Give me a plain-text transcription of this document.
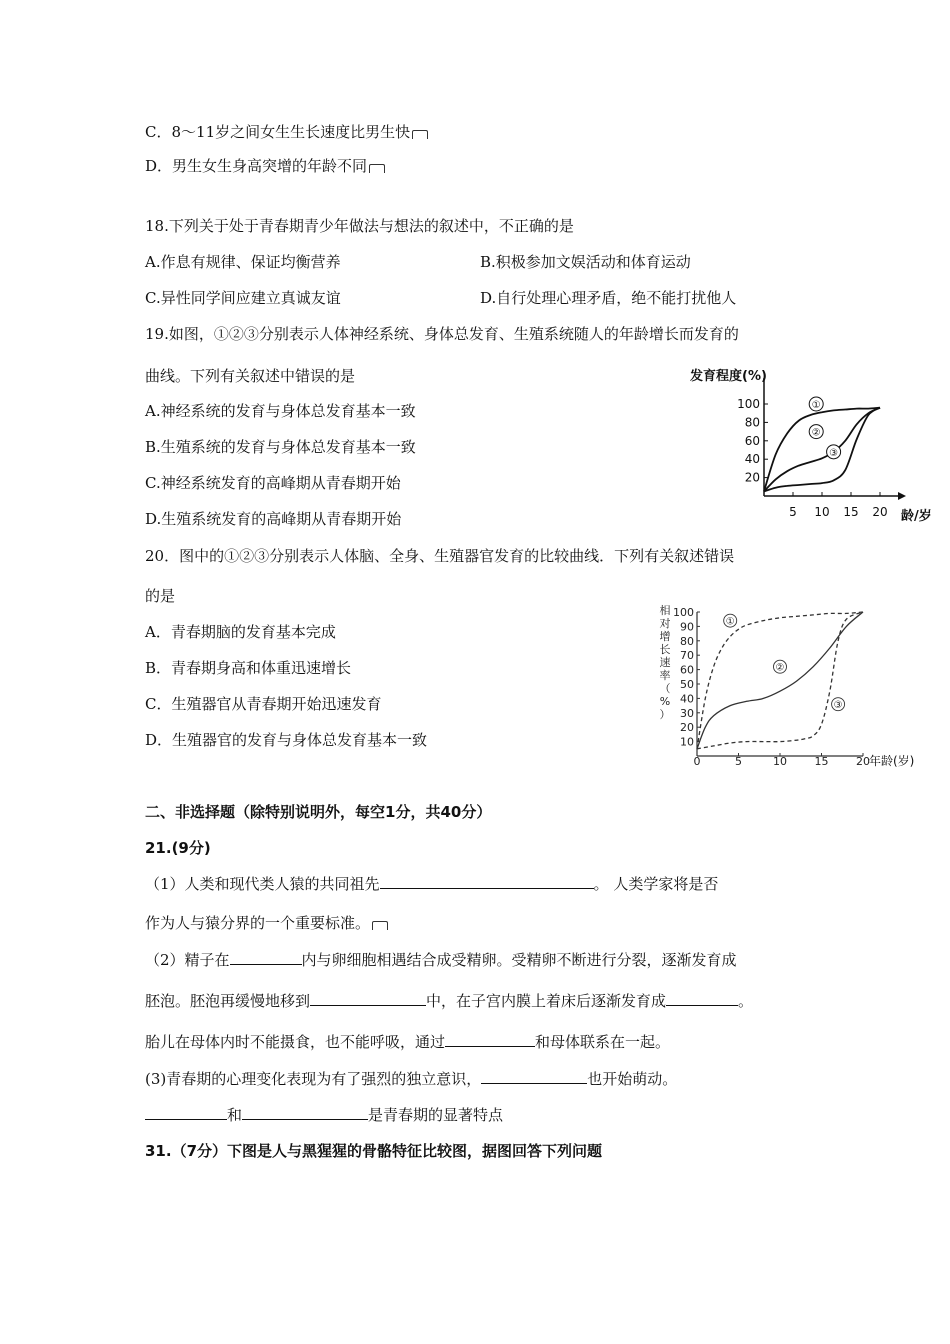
C．8～11岁之间女生生长速度比男生快
D．男生女生身高突增的年龄不同
18.下列关于处于青春期青少年做法与想法的叙述中，不正确的是
A.作息有规律、保证均衡营养	B.积极参加文娱活动和体育运动
C.异性同学间应建立真诚友谊	D.自行处理心理矛盾，绝不能打扰他人
19.如图，①②③分别表示人体神经系统、身体总发育、生殖系统随人的年龄增长而发育的
曲线。下列有关叙述中错误的是
A.神经系统的发育与身体总发育基本一致
B.生殖系统的发育与身体总发育基本一致
C.神经系统发育的高峰期从青春期开始
D.生殖系统发育的高峰期从青春期开始
发育程度(%)
20
40
60
80
100
5 10 15 20
①
②
③
龄/岁
20．图中的①②③分别表示人体脑、全身、生殖器官发育的比较曲线．下列有关叙述错误
的是
A．青春期脑的发育基本完成
B．青春期身高和体重迅速增长
C．生殖器官从青春期开始迅速发育
D．生殖器官的发育与身体总发育基本一致
相
对
增
长
速
率
（
%
）
10
20
30
40
50
60
70
80
90
100
0	5	10	15	20
①
②
③
年龄(岁)
二、非选择题（除特别说明外，每空1分，共40分）
21.(9分)
（1）人类和现代类人猿的共同祖先	。 人类学家将是否
作为人与猿分界的一个重要标准。
（2）精子在	内与卵细胞相遇结合成受精卵。受精卵不断进行分裂，逐渐发育成
胚泡。胚泡再缓慢地移到	中，在子宫内膜上着床后逐渐发育成	。
胎儿在母体内时不能摄食，也不能呼吸，通过	和母体联系在一起。
(3)青春期的心理变化表现为有了强烈的独立意识，	也开始萌动。
和	是青春期的显著特点
31.（7分）下图是人与黑猩猩的骨骼特征比较图，据图回答下列问题
